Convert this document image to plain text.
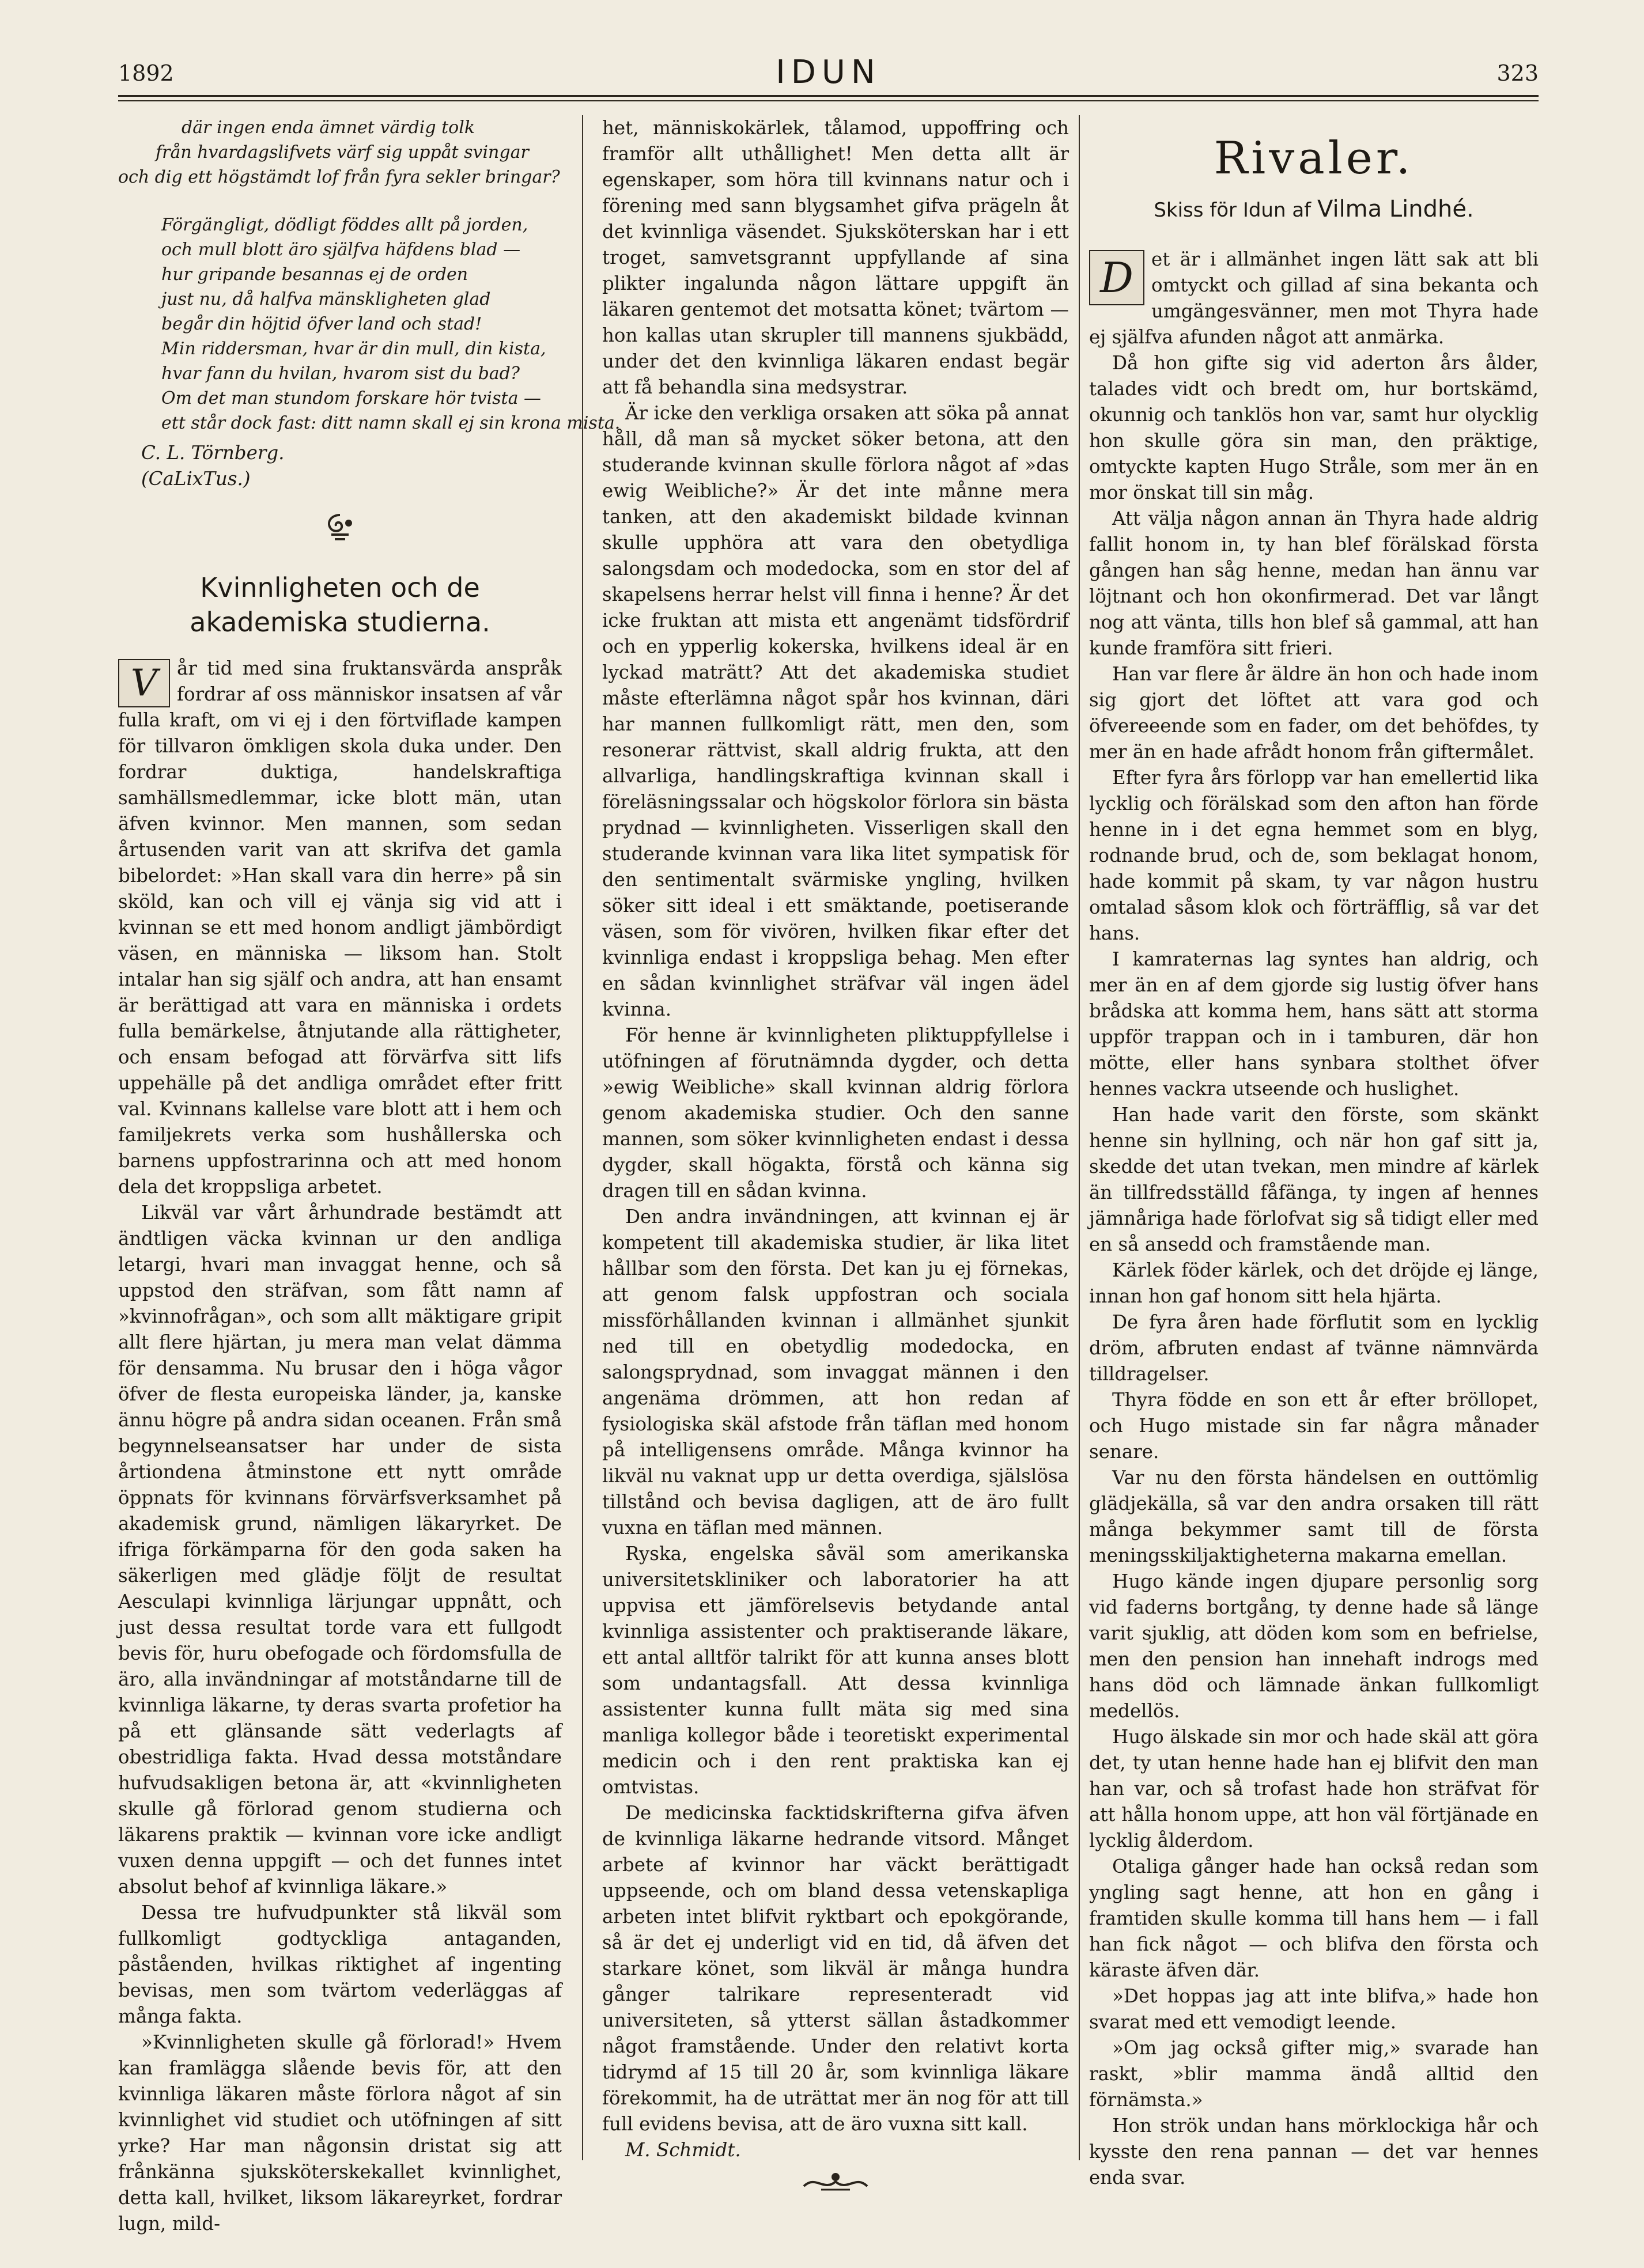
1892	IDUN	323
där ingen enda ämnet värdig tolk
från hvardagslifvets värf sig uppåt svingar
och dig ett högstämdt lof från fyra sekler bringar?
Förgängligt, dödligt föddes allt på jorden,
och mull blott äro själfva häfdens blad —
hur gripande besannas ej de orden
just nu, då halfva mänskligheten glad
begår din höjtid öfver land och stad!
Min riddersman, hvar är din mull, din kista,
hvar fann du hvilan, hvarom sist du bad?
Om det man stundom forskare hör tvista —
ett står dock fast: ditt namn skall ej sin krona mista.

C. L. Törnberg.

(CaLixTus.)

Kvinnligheten och de akademiska studierna.

V	år tid med sina fruktansvärda anspråk fordrar af oss människor insatsen af vår fulla kraft, om vi ej i den förtviflade kampen för tillvaron ömkligen skola duka under. Den fordrar duktiga, handelskraftiga samhällsmedlemmar, icke blott män, utan äfven kvinnor. Men mannen, som sedan årtusenden varit van att skrifva det gamla bibelordet: »Han skall vara din herre» på sin sköld, kan och vill ej vänja sig vid att i kvinnan se ett med honom andligt jämbördigt väsen, en människa — liksom han. Stolt intalar han sig själf och andra, att han ensamt är berättigad att vara en människa i ordets fulla bemärkelse, åtnjutande alla rättigheter, och ensam befogad att förvärfva sitt lifs uppehälle på det andliga området efter fritt val. Kvinnans kallelse vare blott att i hem och familjekrets verka som hushållerska och barnens uppfostrarinna och att med honom dela det kroppsliga arbetet.

Likväl var vårt århundrade bestämdt att ändtligen väcka kvinnan ur den andliga letargi, hvari man invaggat henne, och så uppstod den sträfvan, som fått namn af »kvinnofrågan», och som allt mäktigare gripit allt flere hjärtan, ju mera man velat dämma för densamma. Nu brusar den i höga vågor öfver de flesta europeiska länder, ja, kanske ännu högre på andra sidan oceanen. Från små begynnelseansatser har under de sista årtiondena åtminstone ett nytt område öppnats för kvinnans förvärfsverksamhet på akademisk grund, nämligen läkaryrket. De ifriga förkämparna för den goda saken ha säkerligen med glädje följt de resultat Aesculapi kvinnliga lärjungar uppnått, och just dessa resultat torde vara ett fullgodt bevis för, huru obefogade och fördomsfulla de äro, alla invändningar af motståndarne till de kvinnliga läkarne, ty deras svarta profetior ha på ett glänsande sätt vederlagts af obestridliga fakta. Hvad dessa motståndare hufvudsakligen betona är, att «kvinnligheten skulle gå förlorad genom studierna och läkarens praktik — kvinnan vore icke andligt vuxen denna uppgift — och det funnes intet absolut behof af kvinnliga läkare.»

Dessa tre hufvudpunkter stå likväl som fullkomligt godtyckliga antaganden, påståenden, hvilkas riktighet af ingenting bevisas, men som tvärtom vederläggas af många fakta.

»Kvinnligheten skulle gå förlorad!» Hvem kan framlägga slående bevis för, att den kvinnliga läkaren måste förlora något af sin kvinnlighet vid studiet och utöfningen af sitt yrke? Har man någonsin dristat sig att frånkänna sjuksköterskekallet kvinnlighet, detta kall, hvilket, liksom läkareyrket, fordrar lugn, mild-

het, människokärlek, tålamod, uppoffring och framför allt uthållighet! Men detta allt är egenskaper, som höra till kvinnans natur och i förening med sann blygsamhet gifva prägeln åt det kvinnliga väsendet. Sjuksköterskan har i ett troget, samvetsgrannt uppfyllande af sina plikter ingalunda någon lättare uppgift än läkaren gentemot det motsatta könet; tvärtom — hon kallas utan skrupler till mannens sjukbädd, under det den kvinnliga läkaren endast begär att få behandla sina medsystrar.

Är icke den verkliga orsaken att söka på annat håll, då man så mycket söker betona, att den studerande kvinnan skulle förlora något af »das ewig Weibliche?» Är det inte månne mera tanken, att den akademiskt bildade kvinnan skulle upphöra att vara den obetydliga salongsdam och modedocka, som en stor del af skapelsens herrar helst vill finna i henne? Är det icke fruktan att mista ett angenämt tidsfördrif och en ypperlig kokerska, hvilkens ideal är en lyckad maträtt? Att det akademiska studiet måste efterlämna något spår hos kvinnan, däri har mannen fullkomligt rätt, men den, som resonerar rättvist, skall aldrig frukta, att den allvarliga, handlingskraftiga kvinnan skall i föreläsningssalar och högskolor förlora sin bästa prydnad — kvinnligheten. Visserligen skall den studerande kvinnan vara lika litet sympatisk för den sentimentalt svärmiske yngling, hvilken söker sitt ideal i ett smäktande, poetiserande väsen, som för vivören, hvilken fikar efter det kvinnliga endast i kroppsliga behag. Men efter en sådan kvinnlighet sträfvar väl ingen ädel kvinna.

För henne är kvinnligheten pliktuppfyllelse i utöfningen af förutnämnda dygder, och detta »ewig Weibliche» skall kvinnan aldrig förlora genom akademiska studier. Och den sanne mannen, som söker kvinnligheten endast i dessa dygder, skall högakta, förstå och känna sig dragen till en sådan kvinna.

Den andra invändningen, att kvinnan ej är kompetent till akademiska studier, är lika litet hållbar som den första. Det kan ju ej förnekas, att genom falsk uppfostran och sociala missförhållanden kvinnan i allmänhet sjunkit ned till en obetydlig modedocka, en salongsprydnad, som invaggat männen i den angenäma drömmen, att hon redan af fysiologiska skäl afstode från täflan med honom på intelligensens område. Många kvinnor ha likväl nu vaknat upp ur detta overdiga, själslösa tillstånd och bevisa dagligen, att de äro fullt vuxna en täflan med männen.

Ryska, engelska såväl som amerikanska universitetskliniker och laboratorier ha att uppvisa ett jämförelsevis betydande antal kvinnliga assistenter och praktiserande läkare, ett antal alltför talrikt för att kunna anses blott som undantagsfall. Att dessa kvinnliga assistenter kunna fullt mäta sig med sina manliga kollegor både i teoretiskt experimental medicin och i den rent praktiska kan ej omtvistas.

De medicinska facktidskrifterna gifva äfven de kvinnliga läkarne hedrande vitsord. Månget arbete af kvinnor har väckt berättigadt uppseende, och om bland dessa vetenskapliga arbeten intet blifvit ryktbart och epokgörande, så är det ej underligt vid en tid, då äfven det starkare könet, som likväl är många hundra gånger talrikare representeradt vid universiteten, så ytterst sällan åstadkommer något framstående. Under den relativt korta tidrymd af 15 till 20 år, som kvinnliga läkare förekommit, ha de uträttat mer än nog för att till full evidens bevisa, att de äro vuxna sitt kall.

M. Schmidt.

Rivaler.
Skiss för Idun af Vilma Lindhé.

D et är i allmänhet ingen lätt sak att bli omtyckt och gillad af sina bekanta och umgängesvänner, men mot Thyra hade ej själfva afunden något att anmärka.

Då hon gifte sig vid aderton års ålder, talades vidt och bredt om, hur bortskämd, okunnig och tanklös hon var, samt hur olycklig hon skulle göra sin man, den präktige, omtyckte kapten Hugo Stråle, som mer än en mor önskat till sin måg.

Att välja någon annan än Thyra hade aldrig fallit honom in, ty han blef förälskad första gången han såg henne, medan han ännu var löjtnant och hon okonfirmerad. Det var långt nog att vänta, tills hon blef så gammal, att han kunde framföra sitt frieri.

Han var flere år äldre än hon och hade inom sig gjort det löftet att vara god och öfvereeende som en fader, om det behöfdes, ty mer än en hade afrådt honom från giftermålet.

Efter fyra års förlopp var han emellertid lika lycklig och förälskad som den afton han förde henne in i det egna hemmet som en blyg, rodnande brud, och de, som beklagat honom, hade kommit på skam, ty var någon hustru omtalad såsom klok och förträfflig, så var det hans.

I kamraternas lag syntes han aldrig, och mer än en af dem gjorde sig lustig öfver hans brådska att komma hem, hans sätt att storma uppför trappan och in i tamburen, där hon mötte, eller hans synbara stolthet öfver hennes vackra utseende och huslighet.

Han hade varit den förste, som skänkt henne sin hyllning, och när hon gaf sitt ja, skedde det utan tvekan, men mindre af kärlek än tillfredsställd fåfänga, ty ingen af hennes jämnåriga hade förlofvat sig så tidigt eller med en så ansedd och framstående man.

Kärlek föder kärlek, och det dröjde ej länge, innan hon gaf honom sitt hela hjärta.

De fyra åren hade förflutit som en lycklig dröm, afbruten endast af tvänne nämnvärda tilldragelser.

Thyra födde en son ett år efter bröllopet, och Hugo mistade sin far några månader senare.

Var nu den första händelsen en outtömlig glädjekälla, så var den andra orsaken till rätt många bekymmer samt till de första meningsskiljaktigheterna makarna emellan.

Hugo kände ingen djupare personlig sorg vid faderns bortgång, ty denne hade så länge varit sjuklig, att döden kom som en befrielse, men den pension han innehaft indrogs med hans död och lämnade änkan fullkomligt medellös.

Hugo älskade sin mor och hade skäl att göra det, ty utan henne hade han ej blifvit den man han var, och så trofast hade hon sträfvat för att hålla honom uppe, att hon väl förtjänade en lycklig ålderdom.

Otaliga gånger hade han också redan som yngling sagt henne, att hon en gång i framtiden skulle komma till hans hem — i fall han fick något — och blifva den första och käraste äfven där.

»Det hoppas jag att inte blifva,» hade hon svarat med ett vemodigt leende.

»Om jag också gifter mig,» svarade han raskt, »blir mamma ändå alltid den förnämsta.»

Hon strök undan hans mörklockiga hår och kysste den rena pannan — det var hennes enda svar.
